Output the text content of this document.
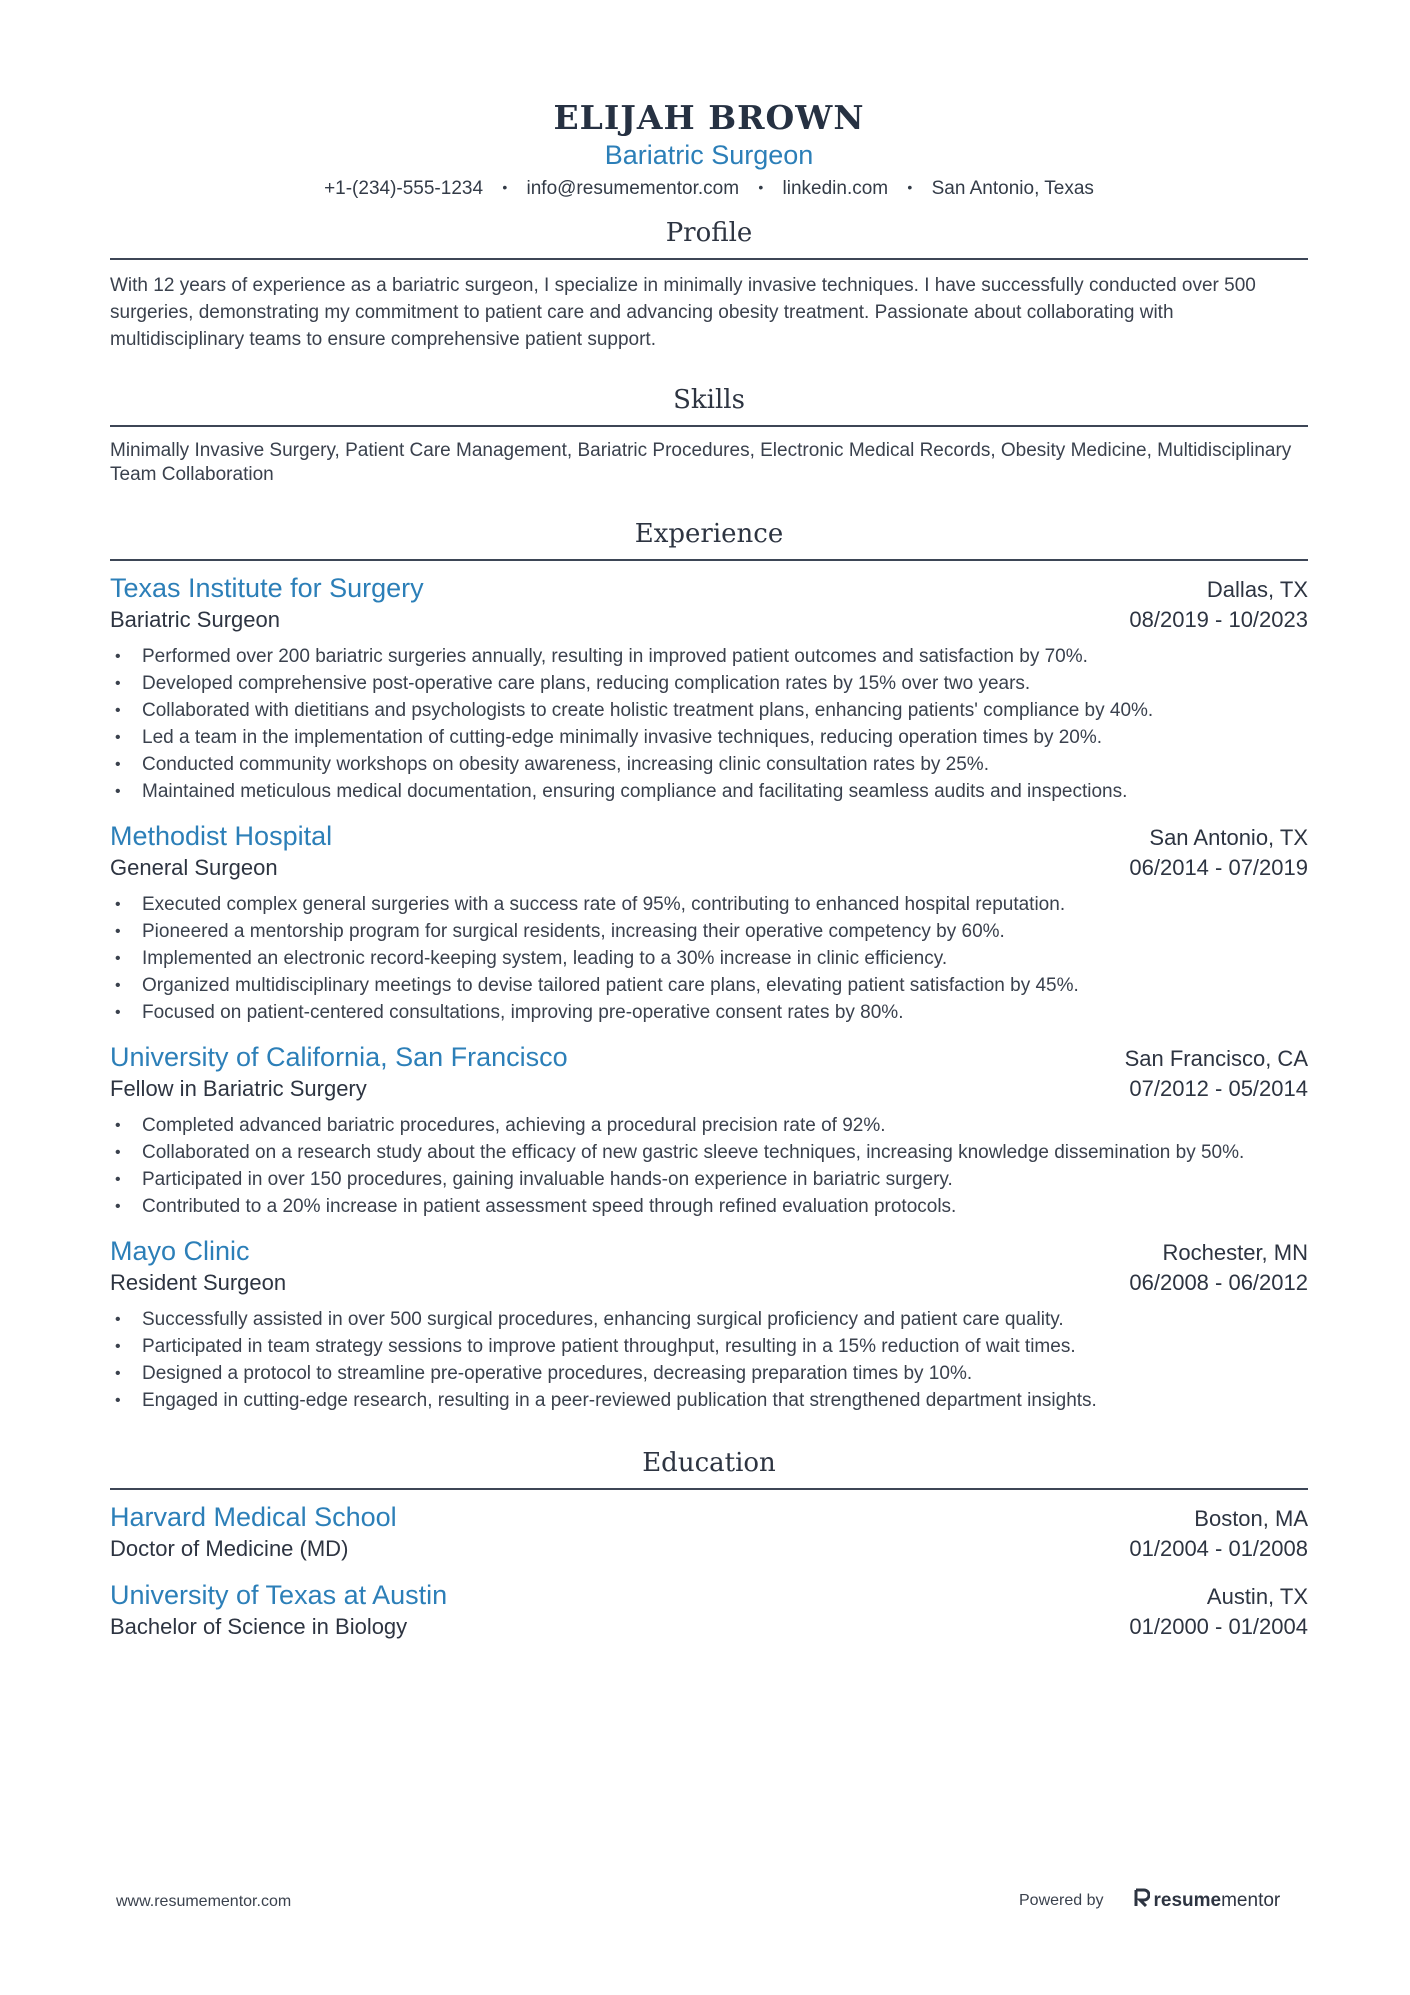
ELIJAH BROWN
Bariatric Surgeon
+1-(234)-555-1234 • info@resumementor.com • linkedin.com • San Antonio, Texas
Profile
With 12 years of experience as a bariatric surgeon, I specialize in minimally invasive techniques. I have successfully conducted over 500 surgeries, demonstrating my commitment to patient care and advancing obesity treatment. Passionate about collaborating with multidisciplinary teams to ensure comprehensive patient support.
Skills
Minimally Invasive Surgery, Patient Care Management, Bariatric Procedures, Electronic Medical Records, Obesity Medicine, Multidisciplinary Team Collaboration
Experience
Texas Institute for Surgery	Dallas, TX
Bariatric Surgeon	08/2019 - 10/2023
• Performed over 200 bariatric surgeries annually, resulting in improved patient outcomes and satisfaction by 70%.
• Developed comprehensive post-operative care plans, reducing complication rates by 15% over two years.
• Collaborated with dietitians and psychologists to create holistic treatment plans, enhancing patients' compliance by 40%.
• Led a team in the implementation of cutting-edge minimally invasive techniques, reducing operation times by 20%.
• Conducted community workshops on obesity awareness, increasing clinic consultation rates by 25%.
• Maintained meticulous medical documentation, ensuring compliance and facilitating seamless audits and inspections.
Methodist Hospital	San Antonio, TX
General Surgeon	06/2014 - 07/2019
• Executed complex general surgeries with a success rate of 95%, contributing to enhanced hospital reputation.
• Pioneered a mentorship program for surgical residents, increasing their operative competency by 60%.
• Implemented an electronic record-keeping system, leading to a 30% increase in clinic efficiency.
• Organized multidisciplinary meetings to devise tailored patient care plans, elevating patient satisfaction by 45%.
• Focused on patient-centered consultations, improving pre-operative consent rates by 80%.
University of California, San Francisco	San Francisco, CA
Fellow in Bariatric Surgery	07/2012 - 05/2014
• Completed advanced bariatric procedures, achieving a procedural precision rate of 92%.
• Collaborated on a research study about the efficacy of new gastric sleeve techniques, increasing knowledge dissemination by 50%.
• Participated in over 150 procedures, gaining invaluable hands-on experience in bariatric surgery.
• Contributed to a 20% increase in patient assessment speed through refined evaluation protocols.
Mayo Clinic	Rochester, MN
Resident Surgeon	06/2008 - 06/2012
• Successfully assisted in over 500 surgical procedures, enhancing surgical proficiency and patient care quality.
• Participated in team strategy sessions to improve patient throughput, resulting in a 15% reduction of wait times.
• Designed a protocol to streamline pre-operative procedures, decreasing preparation times by 10%.
• Engaged in cutting-edge research, resulting in a peer-reviewed publication that strengthened department insights.
Education
Harvard Medical School	Boston, MA
Doctor of Medicine (MD)	01/2004 - 01/2008
University of Texas at Austin	Austin, TX
Bachelor of Science in Biology	01/2000 - 01/2004
www.resumementor.com	Powered by	resume mentor
